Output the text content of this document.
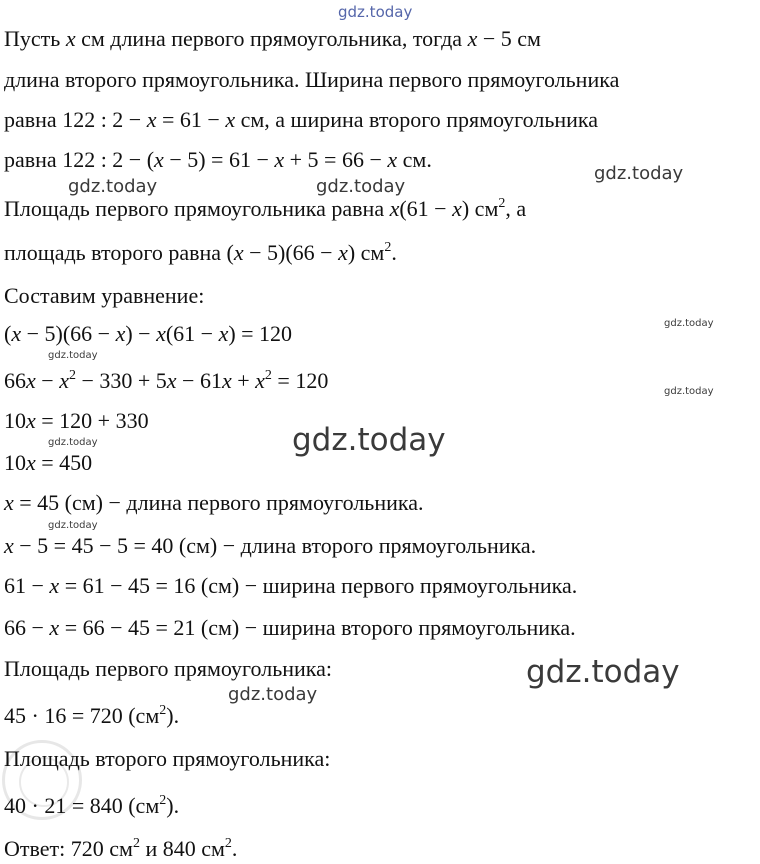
gdz.today
gdz.today	gdz.today
gdz.today
gdz.today
gdz.today
gdz.today
gdz.today
gdz.today
gdz.today
gdz.today
gdz.today
Пусть x см длина первого прямоугольника, тогда x − 5 см
длина второго прямоугольника. Ширина первого прямоугольника
равна 122 : 2 − x = 61 − x см, а ширина второго прямоугольника
равна 122 : 2 − (x − 5) = 61 − x + 5 = 66 − x см.
Площадь первого прямоугольника равна x(61 − x) $см^2$, а
площадь второго равна (x − 5)(66 − x) $см^2$.
Составим уравнение:
(x − 5)(66 − x) − x(61 − x) = 120
$66x - x^2 - 330 + 5x - 61x + x^2 = 120$
10x = 120 + 330
10x = 450
x = 45 (см) − длина первого прямоугольника.
x − 5 = 45 − 5 = 40 (см) − длина второго прямоугольника.
61 − x = 61 − 45 = 16 (см) − ширина первого прямоугольника.
66 − x = 66 − 45 = 21 (см) − ширина второго прямоугольника.
Площадь первого прямоугольника:
45 · 16 = 720 $(см^2)$.
Площадь второго прямоугольника:
40 · 21 = 840 $(см^2)$.
Ответ: 720 $см^2$ и 840 $см^2$.
